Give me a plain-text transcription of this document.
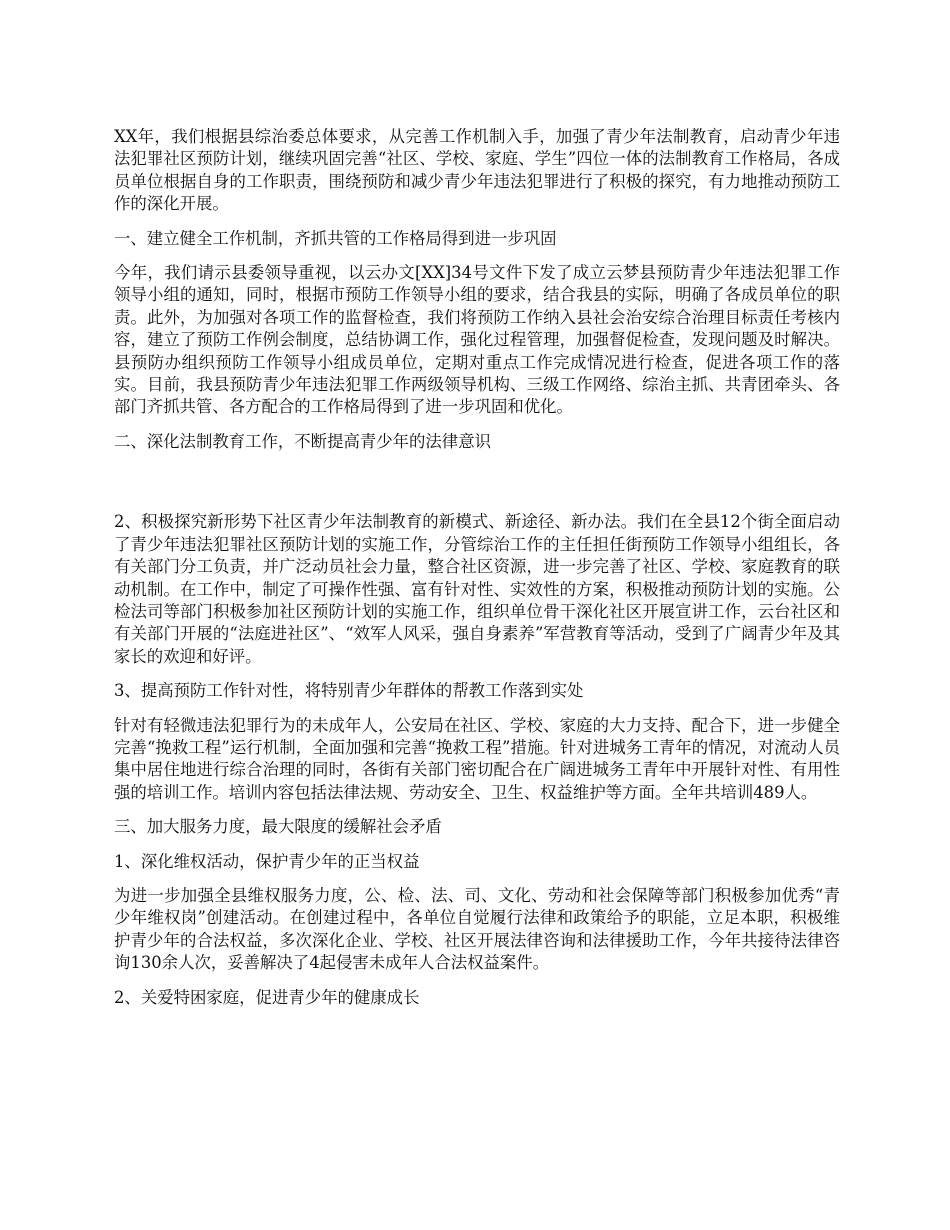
XX年，我们根据县综治委总体要求，从完善工作机制入手，加强了青少年法制教育，启动青少年违法犯罪社区预防计划，继续巩固完善“社区、学校、家庭、学生”四位一体的法制教育工作格局，各成员单位根据自身的工作职责，围绕预防和减少青少年违法犯罪进行了积极的探究，有力地推动预防工作的深化开展。

一、建立健全工作机制，齐抓共管的工作格局得到进一步巩固

今年，我们请示县委领导重视，以云办文[XX]34号文件下发了成立云梦县预防青少年违法犯罪工作领导小组的通知，同时，根据市预防工作领导小组的要求，结合我县的实际，明确了各成员单位的职责。此外，为加强对各项工作的监督检查，我们将预防工作纳入县社会治安综合治理目标责任考核内容，建立了预防工作例会制度，总结协调工作，强化过程管理，加强督促检查，发现问题及时解决。县预防办组织预防工作领导小组成员单位，定期对重点工作完成情况进行检查，促进各项工作的落实。目前，我县预防青少年违法犯罪工作两级领导机构、三级工作网络、综治主抓、共青团牵头、各部门齐抓共管、各方配合的工作格局得到了进一步巩固和优化。

二、深化法制教育工作，不断提高青少年的法律意识

2、积极探究新形势下社区青少年法制教育的新模式、新途径、新办法。我们在全县12个街全面启动了青少年违法犯罪社区预防计划的实施工作，分管综治工作的主任担任街预防工作领导小组组长，各有关部门分工负责，并广泛动员社会力量，整合社区资源，进一步完善了社区、学校、家庭教育的联动机制。在工作中，制定了可操作性强、富有针对性、实效性的方案，积极推动预防计划的实施。公检法司等部门积极参加社区预防计划的实施工作，组织单位骨干深化社区开展宣讲工作，云台社区和有关部门开展的“法庭进社区”、“效军人风采，强自身素养”军营教育等活动，受到了广阔青少年及其家长的欢迎和好评。

3、提高预防工作针对性，将特别青少年群体的帮教工作落到实处

针对有轻微违法犯罪行为的未成年人，公安局在社区、学校、家庭的大力支持、配合下，进一步健全完善“挽救工程”运行机制，全面加强和完善“挽救工程”措施。针对进城务工青年的情况，对流动人员集中居住地进行综合治理的同时，各街有关部门密切配合在广阔进城务工青年中开展针对性、有用性强的培训工作。培训内容包括法律法规、劳动安全、卫生、权益维护等方面。全年共培训489人。

三、加大服务力度，最大限度的缓解社会矛盾

1、深化维权活动，保护青少年的正当权益

为进一步加强全县维权服务力度，公、检、法、司、文化、劳动和社会保障等部门积极参加优秀“青少年维权岗”创建活动。在创建过程中，各单位自觉履行法律和政策给予的职能，立足本职，积极维护青少年的合法权益，多次深化企业、学校、社区开展法律咨询和法律援助工作，今年共接待法律咨询130余人次，妥善解决了4起侵害未成年人合法权益案件。

2、关爱特困家庭，促进青少年的健康成长
